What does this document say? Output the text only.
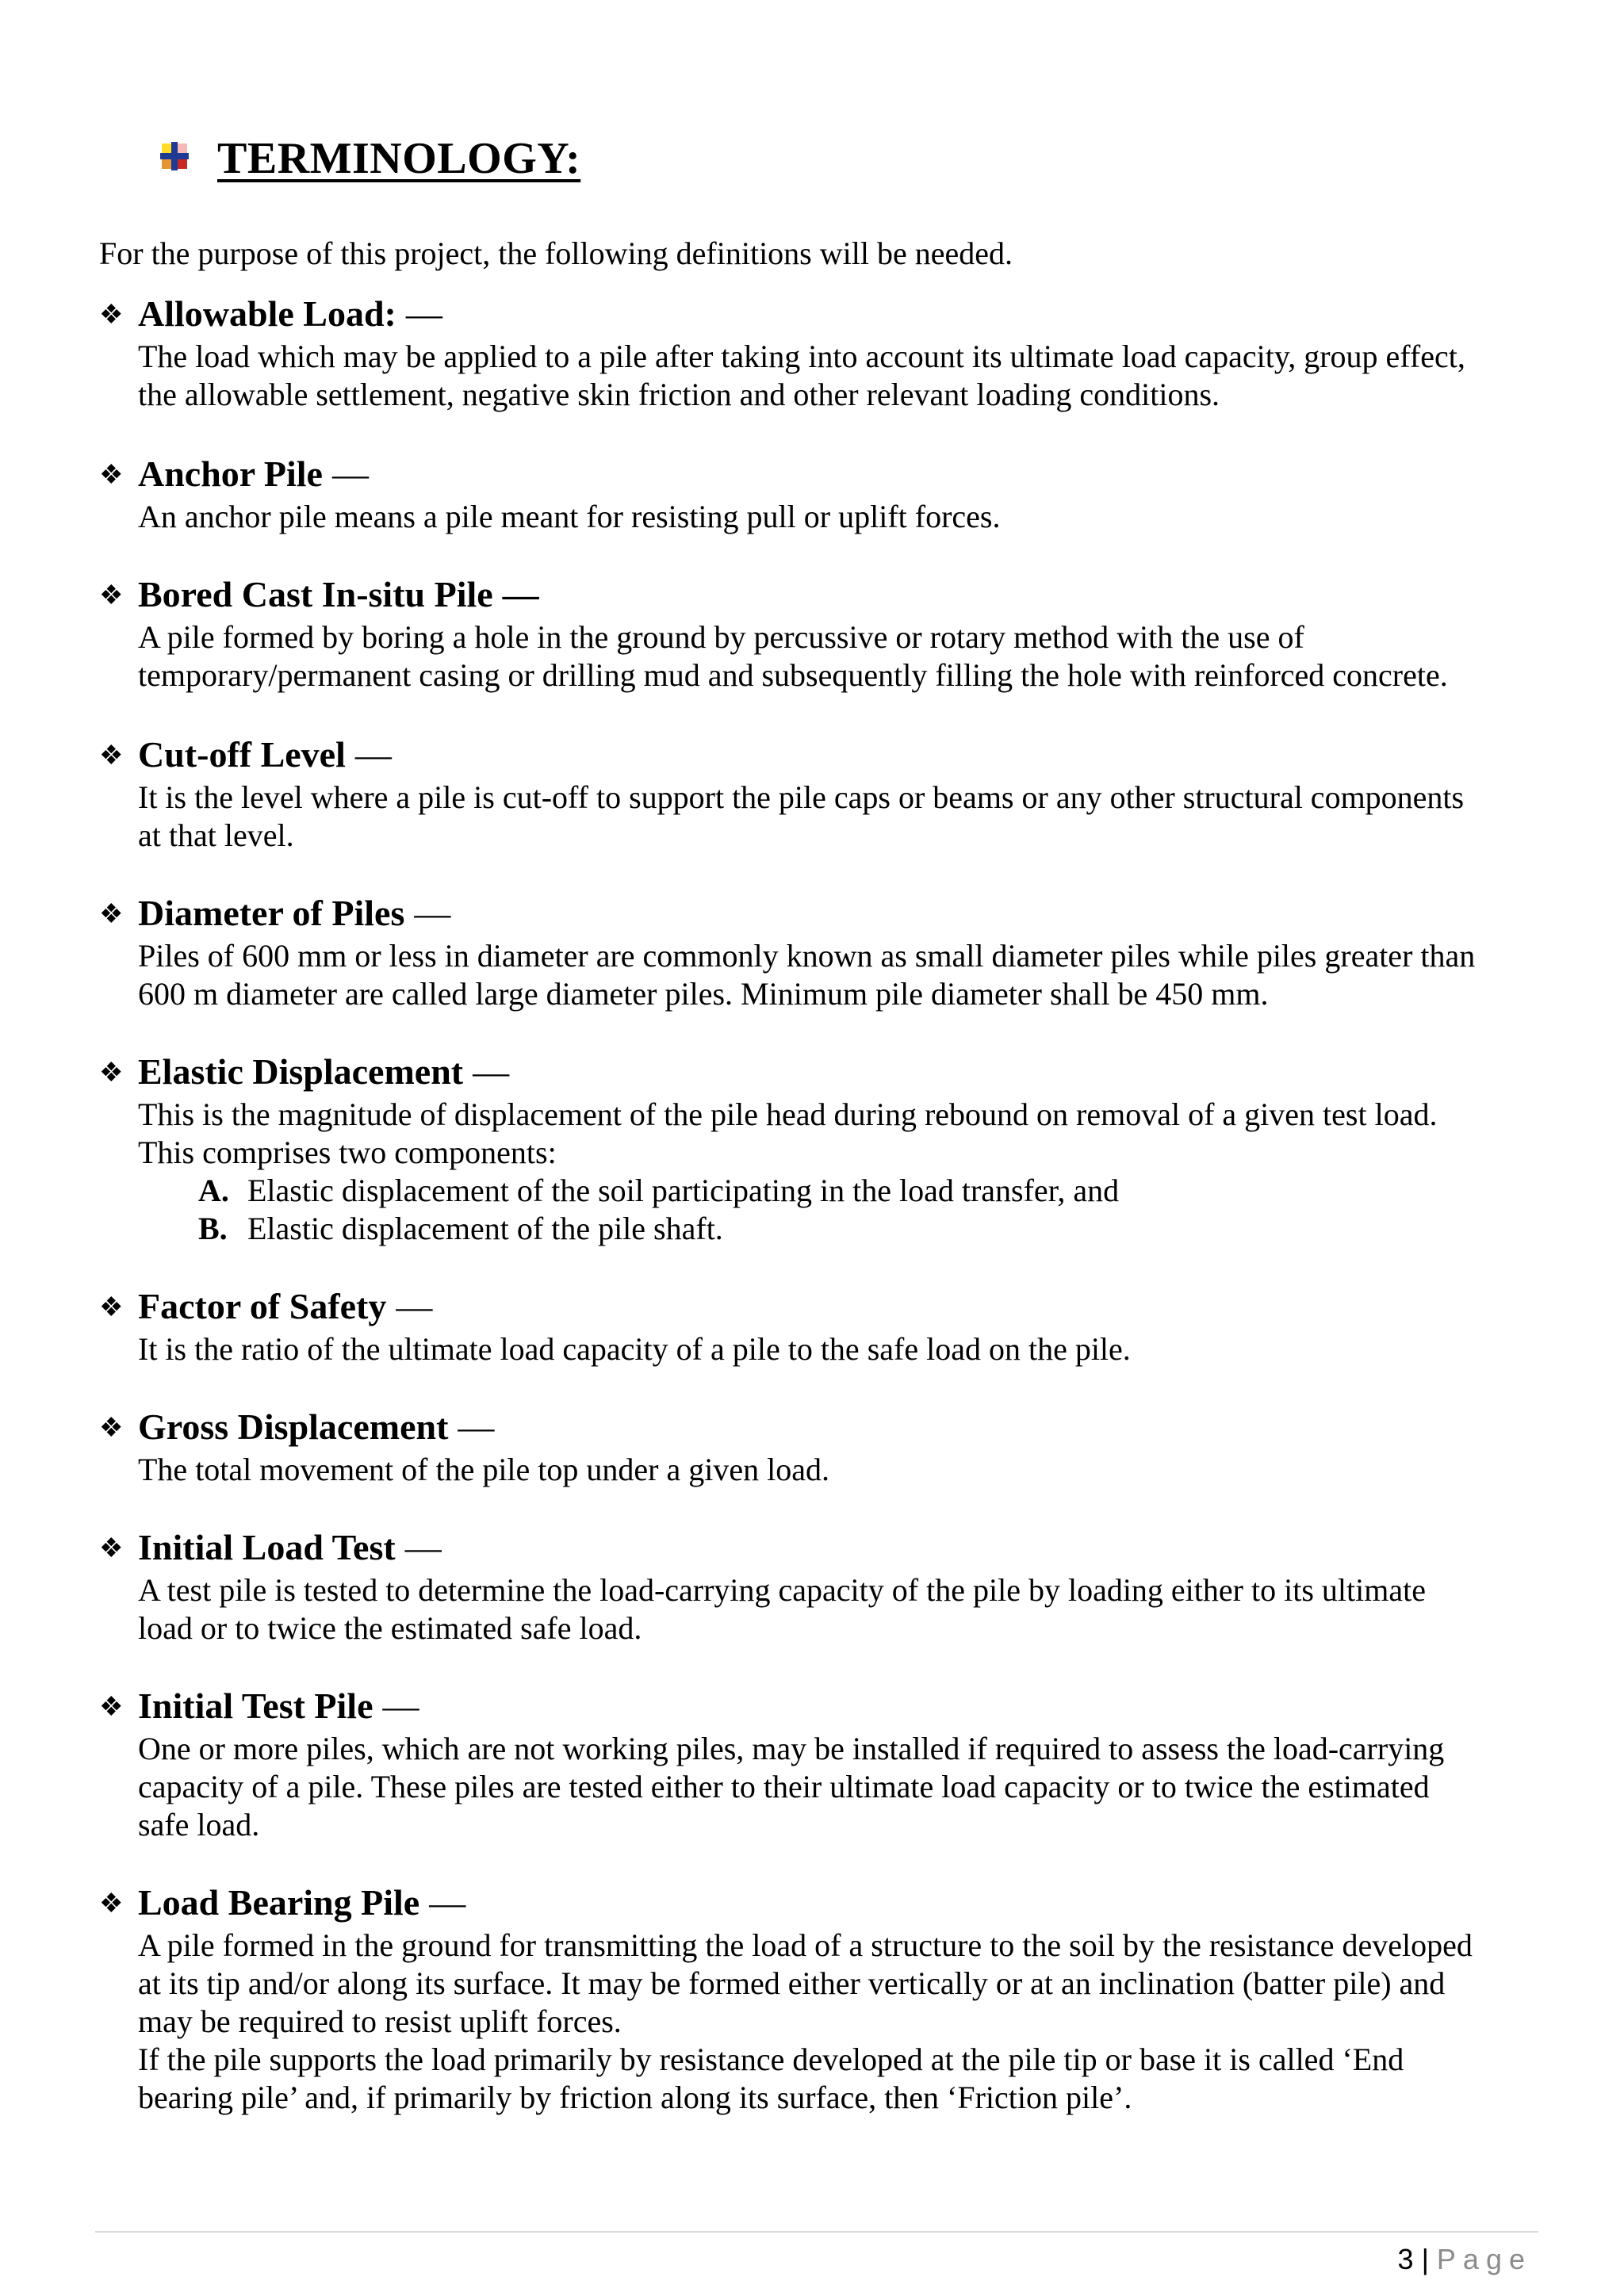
TERMINOLOGY:
For the purpose of this project, the following definitions will be needed.
❖ Allowable Load: —

The load which may be applied to a pile after taking into account its ultimate load capacity, group effect,

the allowable settlement, negative skin friction and other relevant loading conditions.

❖ Anchor Pile —

An anchor pile means a pile meant for resisting pull or uplift forces.

❖ Bored Cast In-situ Pile —

A pile formed by boring a hole in the ground by percussive or rotary method with the use of

temporary/permanent casing or drilling mud and subsequently filling the hole with reinforced concrete.

❖ Cut-off Level —

It is the level where a pile is cut-off to support the pile caps or beams or any other structural components

at that level.

❖ Diameter of Piles —

Piles of 600 mm or less in diameter are commonly known as small diameter piles while piles greater than

600 m diameter are called large diameter piles. Minimum pile diameter shall be 450 mm.

❖ Elastic Displacement —

This is the magnitude of displacement of the pile head during rebound on removal of a given test load.

This comprises two components:

A. Elastic displacement of the soil participating in the load transfer, and
B. Elastic displacement of the pile shaft.
❖ Factor of Safety —

It is the ratio of the ultimate load capacity of a pile to the safe load on the pile.

❖ Gross Displacement —

The total movement of the pile top under a given load.

❖ Initial Load Test —

A test pile is tested to determine the load-carrying capacity of the pile by loading either to its ultimate

load or to twice the estimated safe load.

❖ Initial Test Pile —

One or more piles, which are not working piles, may be installed if required to assess the load-carrying

capacity of a pile. These piles are tested either to their ultimate load capacity or to twice the estimated

safe load.

❖ Load Bearing Pile —

A pile formed in the ground for transmitting the load of a structure to the soil by the resistance developed

at its tip and/or along its surface. It may be formed either vertically or at an inclination (batter pile) and

may be required to resist uplift forces.

If the pile supports the load primarily by resistance developed at the pile tip or base it is called ‘End

bearing pile’ and, if primarily by friction along its surface, then ‘Friction pile’.

3 | Page
